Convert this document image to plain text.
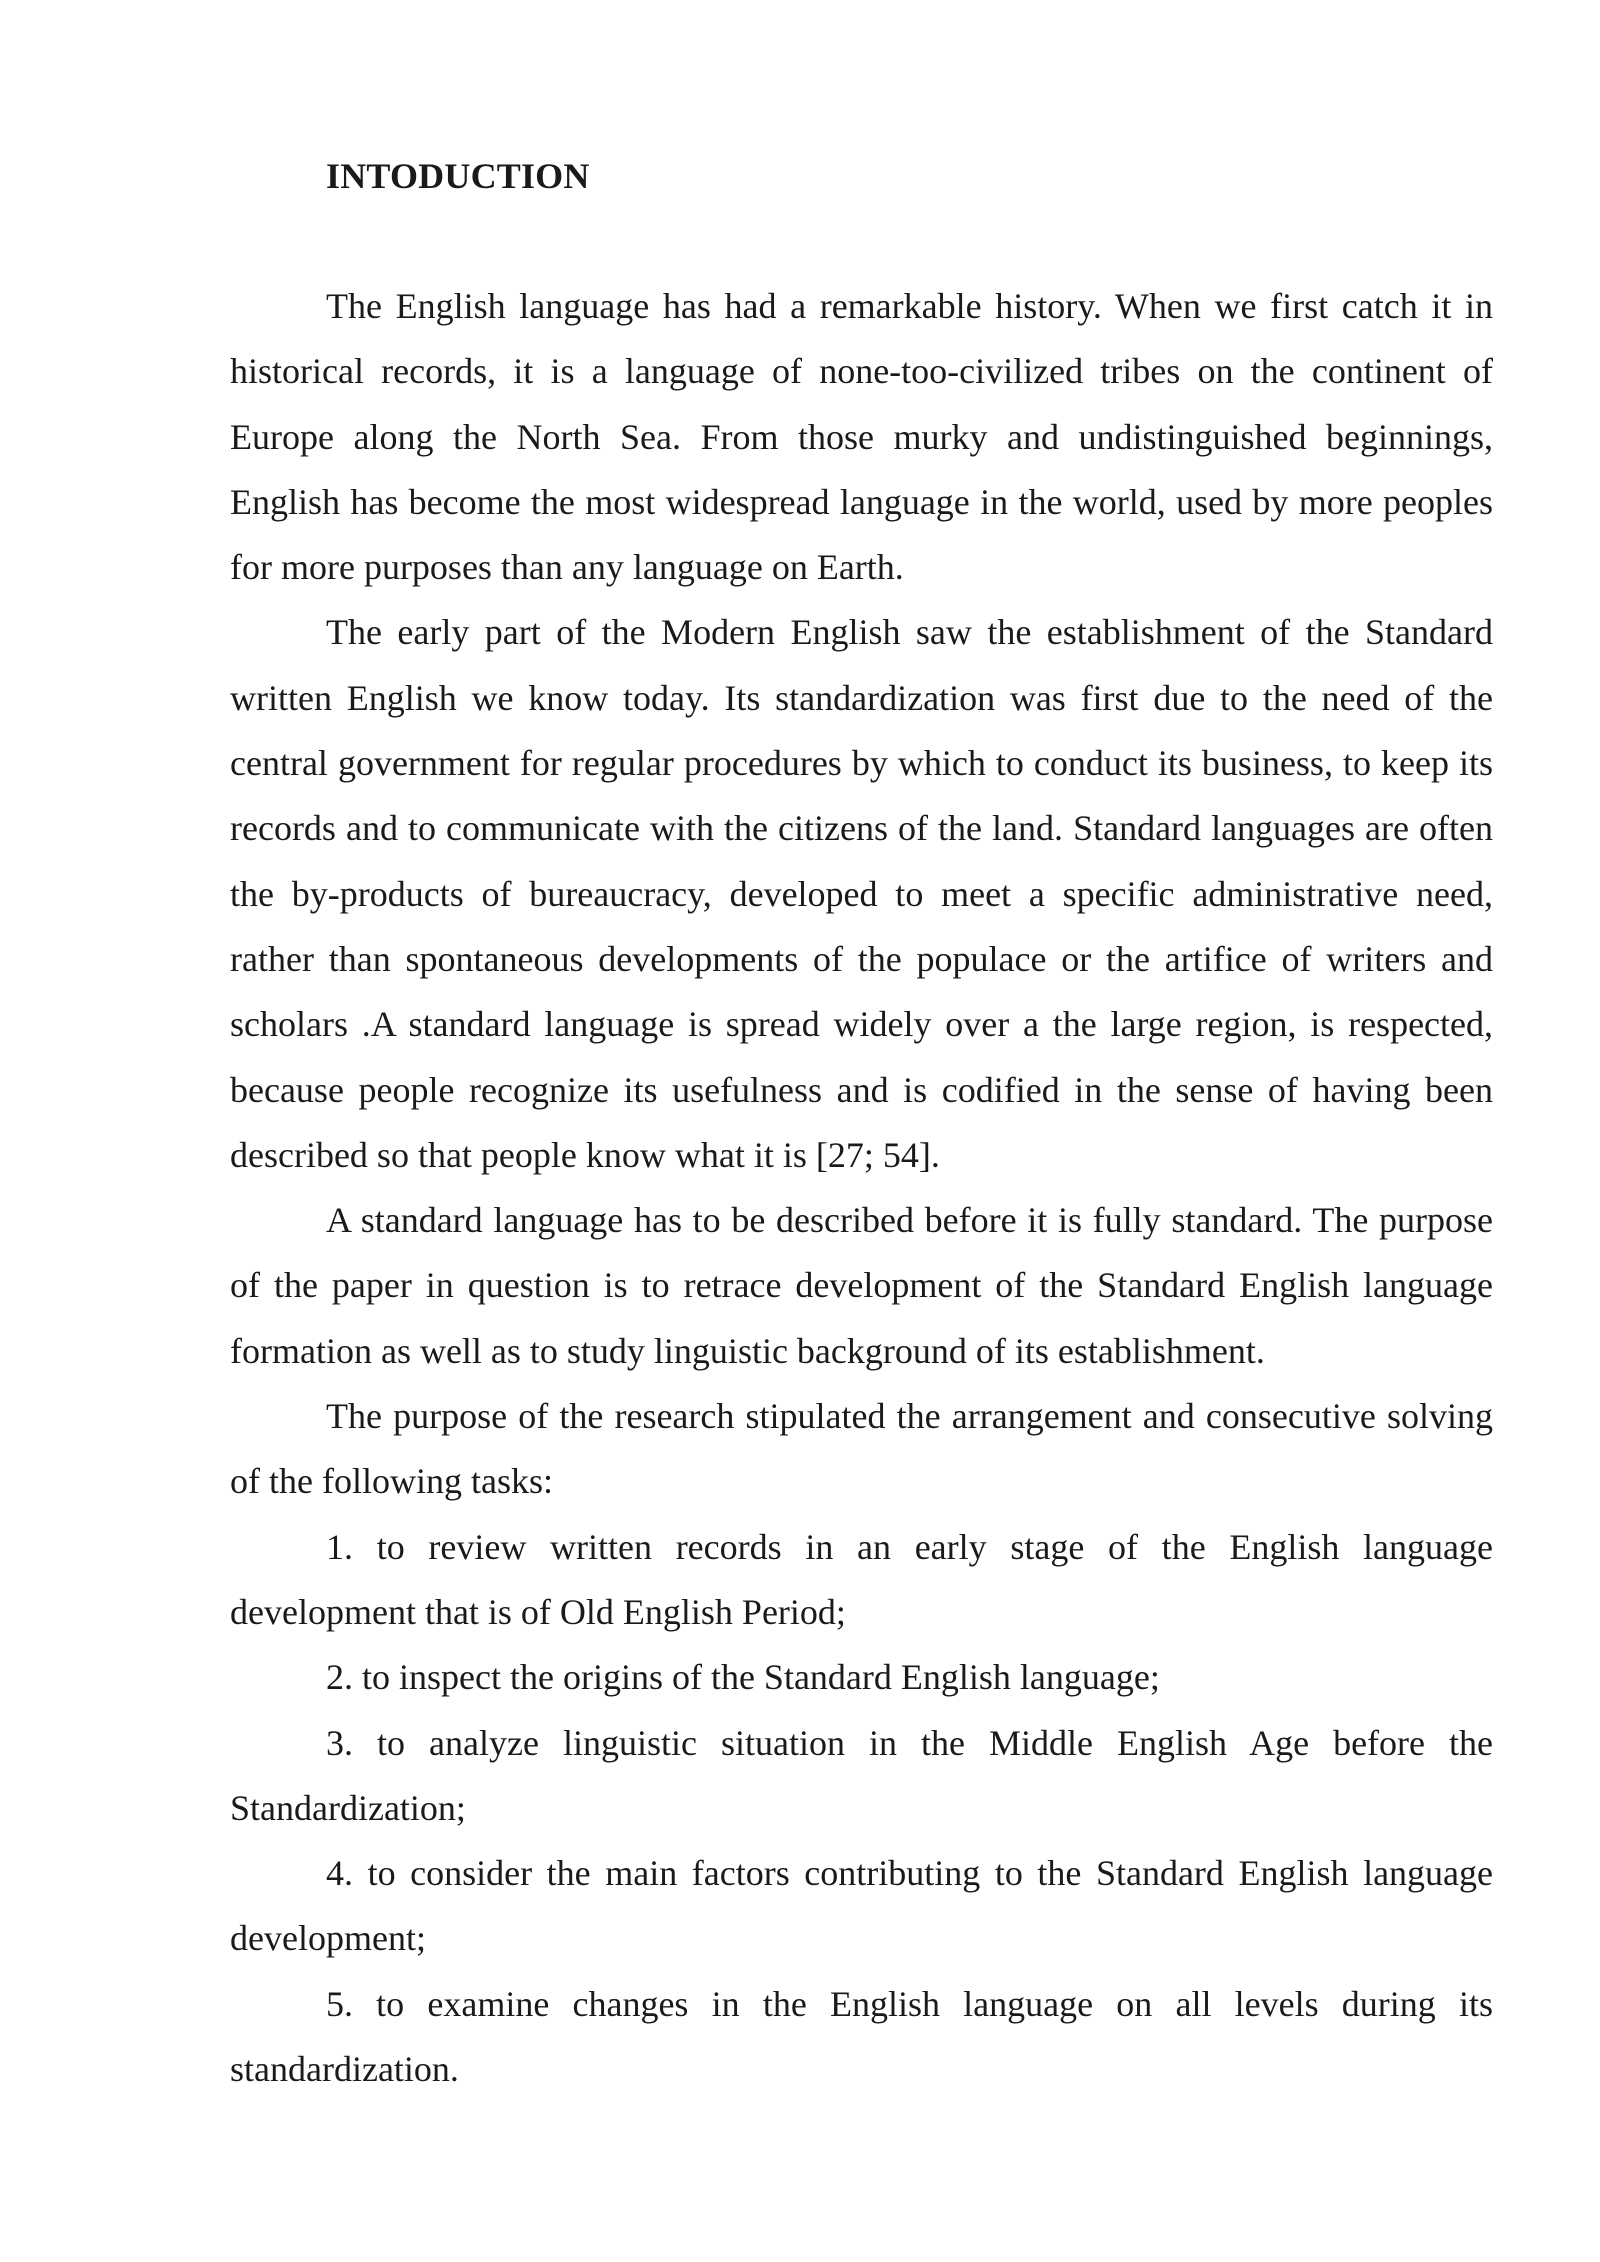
INTODUCTION

The English language has had a remarkable history. When we first catch it in historical records, it is a language of none-too-civilized tribes on the continent of Europe along the North Sea. From those murky and undistinguished beginnings, English has become the most widespread language in the world, used by more peoples for more purposes than any language on Earth.

The early part of the Modern English saw the establishment of the Standard written English we know today. Its standardization was first due to the need of the central government for regular procedures by which to conduct its business, to keep its records and to communicate with the citizens of the land. Standard languages are often the by-products of bureaucracy, developed to meet a specific administrative need, rather than spontaneous developments of the populace or the artifice of writers and scholars .A standard language is spread widely over a the large region, is respected, because people recognize its usefulness and is codified in the sense of having been described so that people know what it is [27; 54].

A standard language has to be described before it is fully standard. The purpose of the paper in question is to retrace development of the Standard English language formation as well as to study linguistic background of its establishment.

The purpose of the research stipulated the arrangement and consecutive solving of the following tasks:

1. to review written records in an early stage of the English language development that is of Old English Period;

2. to inspect the origins of the Standard English language;

3. to analyze linguistic situation in the Middle English Age before the Standardization;

4. to consider the main factors contributing to the Standard English language development;

5. to examine changes in the English language on all levels during its standardization.
